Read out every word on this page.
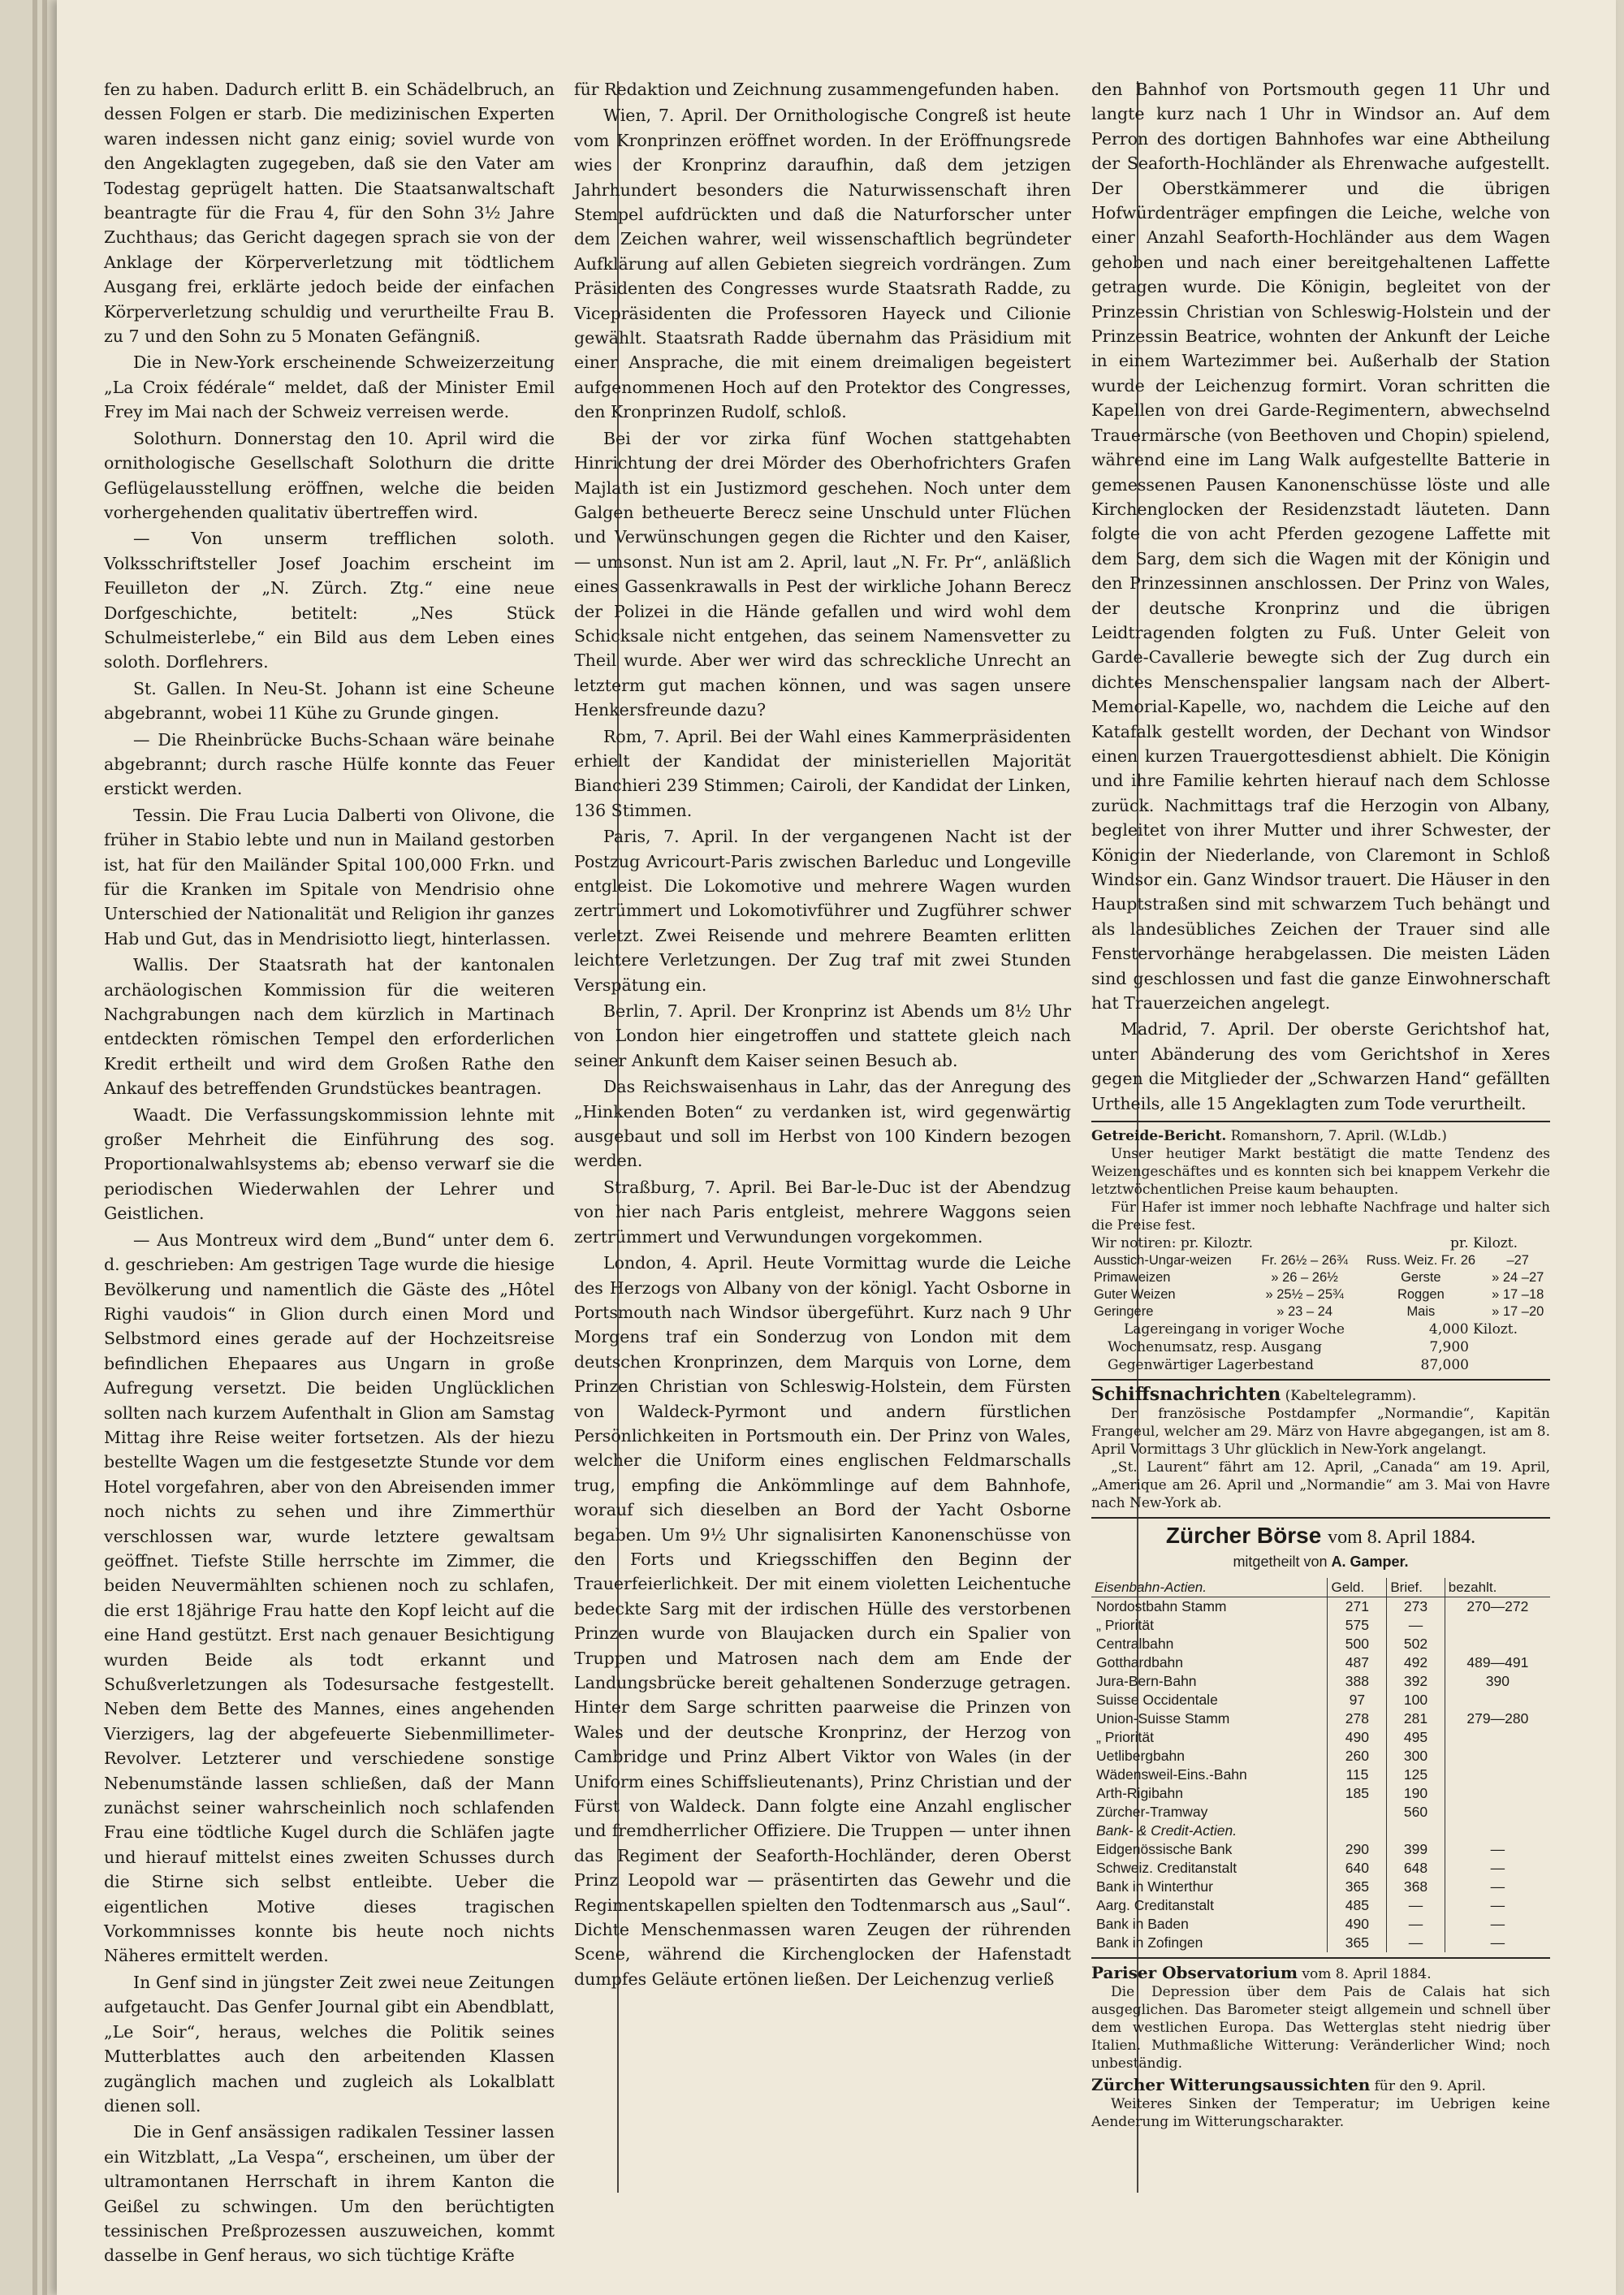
fen zu haben. Dadurch erlitt B. ein Schädelbruch, an dessen Folgen er starb. Die medizinischen Experten waren indessen nicht ganz einig; soviel wurde von den Angeklagten zugegeben, daß sie den Vater am Todestag geprügelt hatten. Die Staatsanwaltschaft beantragte für die Frau 4, für den Sohn 3½ Jahre Zuchthaus; das Gericht dagegen sprach sie von der Anklage der Körperverletzung mit tödtlichem Ausgang frei, erklärte jedoch beide der einfachen Körperverletzung schuldig und verurtheilte Frau B. zu 7 und den Sohn zu 5 Monaten Gefängniß.

Die in New-York erscheinende Schweizerzeitung „La Croix fédérale“ meldet, daß der Minister Emil Frey im Mai nach der Schweiz verreisen werde.

Solothurn. Donnerstag den 10. April wird die ornithologische Gesellschaft Solothurn die dritte Geflügelausstellung eröffnen, welche die beiden vorhergehenden qualitativ übertreffen wird.

— Von unserm trefflichen soloth. Volksschriftsteller Josef Joachim erscheint im Feuilleton der „N. Zürch. Ztg.“ eine neue Dorfgeschichte, betitelt: „Nes Stück Schulmeisterlebe,“ ein Bild aus dem Leben eines soloth. Dorflehrers.

St. Gallen. In Neu-St. Johann ist eine Scheune abgebrannt, wobei 11 Kühe zu Grunde gingen.

— Die Rheinbrücke Buchs-Schaan wäre beinahe abgebrannt; durch rasche Hülfe konnte das Feuer erstickt werden.

Tessin. Die Frau Lucia Dalberti von Olivone, die früher in Stabio lebte und nun in Mailand gestorben ist, hat für den Mailänder Spital 100,000 Frkn. und für die Kranken im Spitale von Mendrisio ohne Unterschied der Nationalität und Religion ihr ganzes Hab und Gut, das in Mendrisiotto liegt, hinterlassen.

Wallis. Der Staatsrath hat der kantonalen archäologischen Kommission für die weiteren Nachgrabungen nach dem kürzlich in Martinach entdeckten römischen Tempel den erforderlichen Kredit ertheilt und wird dem Großen Rathe den Ankauf des betreffenden Grundstückes beantragen.

Waadt. Die Verfassungskommission lehnte mit großer Mehrheit die Einführung des sog. Proportionalwahlsystems ab; ebenso verwarf sie die periodischen Wiederwahlen der Lehrer und Geistlichen.

— Aus Montreux wird dem „Bund“ unter dem 6. d. geschrieben: Am gestrigen Tage wurde die hiesige Bevölkerung und namentlich die Gäste des „Hôtel Righi vaudois“ in Glion durch einen Mord und Selbstmord eines gerade auf der Hochzeitsreise befindlichen Ehepaares aus Ungarn in große Aufregung versetzt. Die beiden Unglücklichen sollten nach kurzem Aufenthalt in Glion am Samstag Mittag ihre Reise weiter fortsetzen. Als der hiezu bestellte Wagen um die festgesetzte Stunde vor dem Hotel vorgefahren, aber von den Abreisenden immer noch nichts zu sehen und ihre Zimmerthür verschlossen war, wurde letztere gewaltsam geöffnet. Tiefste Stille herrschte im Zimmer, die beiden Neuvermählten schienen noch zu schlafen, die erst 18jährige Frau hatte den Kopf leicht auf die eine Hand gestützt. Erst nach genauer Besichtigung wurden Beide als todt erkannt und Schußverletzungen als Todesursache festgestellt. Neben dem Bette des Mannes, eines angehenden Vierzigers, lag der abgefeuerte Siebenmillimeter-Revolver. Letzterer und verschiedene sonstige Nebenumstände lassen schließen, daß der Mann zunächst seiner wahrscheinlich noch schlafenden Frau eine tödtliche Kugel durch die Schläfen jagte und hierauf mittelst eines zweiten Schusses durch die Stirne sich selbst entleibte. Ueber die eigentlichen Motive dieses tragischen Vorkommnisses konnte bis heute noch nichts Näheres ermittelt werden.

In Genf sind in jüngster Zeit zwei neue Zeitungen aufgetaucht. Das Genfer Journal gibt ein Abendblatt, „Le Soir“, heraus, welches die Politik seines Mutterblattes auch den arbeitenden Klassen zugänglich machen und zugleich als Lokalblatt dienen soll.

Die in Genf ansässigen radikalen Tessiner lassen ein Witzblatt, „La Vespa“, erscheinen, um über der ultramontanen Herrschaft in ihrem Kanton die Geißel zu schwingen. Um den berüchtigten tessinischen Preßprozessen auszuweichen, kommt dasselbe in Genf heraus, wo sich tüchtige Kräfte

für Redaktion und Zeichnung zusammengefunden haben.

Wien, 7. April. Der Ornithologische Congreß ist heute vom Kronprinzen eröffnet worden. In der Eröffnungsrede wies der Kronprinz daraufhin, daß dem jetzigen Jahrhundert besonders die Naturwissenschaft ihren Stempel aufdrückten und daß die Naturforscher unter dem Zeichen wahrer, weil wissenschaftlich begründeter Aufklärung auf allen Gebieten siegreich vordrängen. Zum Präsidenten des Congresses wurde Staatsrath Radde, zu Vicepräsidenten die Professoren Hayeck und Cilionie gewählt. Staatsrath Radde übernahm das Präsidium mit einer Ansprache, die mit einem dreimaligen begeistert aufgenommenen Hoch auf den Protektor des Congresses, den Kronprinzen Rudolf, schloß.

Bei der vor zirka fünf Wochen stattgehabten Hinrichtung der drei Mörder des Oberhofrichters Grafen Majlath ist ein Justizmord geschehen. Noch unter dem Galgen betheuerte Berecz seine Unschuld unter Flüchen und Verwünschungen gegen die Richter und den Kaiser, — umsonst. Nun ist am 2. April, laut „N. Fr. Pr“, anläßlich eines Gassenkrawalls in Pest der wirkliche Johann Berecz der Polizei in die Hände gefallen und wird wohl dem Schicksale nicht entgehen, das seinem Namensvetter zu Theil wurde. Aber wer wird das schreckliche Unrecht an letzterm gut machen können, und was sagen unsere Henkersfreunde dazu?

Rom, 7. April. Bei der Wahl eines Kammerpräsidenten erhielt der Kandidat der ministeriellen Majorität Bianchieri 239 Stimmen; Cairoli, der Kandidat der Linken, 136 Stimmen.

Paris, 7. April. In der vergangenen Nacht ist der Postzug Avricourt-Paris zwischen Barleduc und Longeville entgleist. Die Lokomotive und mehrere Wagen wurden zertrümmert und Lokomotivführer und Zugführer schwer verletzt. Zwei Reisende und mehrere Beamten erlitten leichtere Verletzungen. Der Zug traf mit zwei Stunden Verspätung ein.

Berlin, 7. April. Der Kronprinz ist Abends um 8½ Uhr von London hier eingetroffen und stattete gleich nach seiner Ankunft dem Kaiser seinen Besuch ab.

Das Reichswaisenhaus in Lahr, das der Anregung des „Hinkenden Boten“ zu verdanken ist, wird gegenwärtig ausgebaut und soll im Herbst von 100 Kindern bezogen werden.

Straßburg, 7. April. Bei Bar-le-Duc ist der Abendzug von hier nach Paris entgleist, mehrere Waggons seien zertrümmert und Verwundungen vorgekommen.

London, 4. April. Heute Vormittag wurde die Leiche des Herzogs von Albany von der königl. Yacht Osborne in Portsmouth nach Windsor übergeführt. Kurz nach 9 Uhr Morgens traf ein Sonderzug von London mit dem deutschen Kronprinzen, dem Marquis von Lorne, dem Prinzen Christian von Schleswig-Holstein, dem Fürsten von Waldeck-Pyrmont und andern fürstlichen Persönlichkeiten in Portsmouth ein. Der Prinz von Wales, welcher die Uniform eines englischen Feldmarschalls trug, empfing die Ankömmlinge auf dem Bahnhofe, worauf sich dieselben an Bord der Yacht Osborne begaben. Um 9½ Uhr signalisirten Kanonenschüsse von den Forts und Kriegsschiffen den Beginn der Trauerfeierlichkeit. Der mit einem violetten Leichentuche bedeckte Sarg mit der irdischen Hülle des verstorbenen Prinzen wurde von Blaujacken durch ein Spalier von Truppen und Matrosen nach dem am Ende der Landungsbrücke bereit gehaltenen Sonderzuge getragen. Hinter dem Sarge schritten paarweise die Prinzen von Wales und der deutsche Kronprinz, der Herzog von Cambridge und Prinz Albert Viktor von Wales (in der Uniform eines Schiffslieutenants), Prinz Christian und der Fürst von Waldeck. Dann folgte eine Anzahl englischer und fremdherrlicher Offiziere. Die Truppen — unter ihnen das Regiment der Seaforth-Hochländer, deren Oberst Prinz Leopold war — präsentirten das Gewehr und die Regimentskapellen spielten den Todtenmarsch aus „Saul“. Dichte Menschenmassen waren Zeugen der rührenden Scene, während die Kirchenglocken der Hafenstadt dumpfes Geläute ertönen ließen. Der Leichenzug verließ

den Bahnhof von Portsmouth gegen 11 Uhr und langte kurz nach 1 Uhr in Windsor an. Auf dem Perron des dortigen Bahnhofes war eine Abtheilung der Seaforth-Hochländer als Ehrenwache aufgestellt. Der Oberstkämmerer und die übrigen Hofwürdenträger empfingen die Leiche, welche von einer Anzahl Seaforth-Hochländer aus dem Wagen gehoben und nach einer bereitgehaltenen Laffette getragen wurde. Die Königin, begleitet von der Prinzessin Christian von Schleswig-Holstein und der Prinzessin Beatrice, wohnten der Ankunft der Leiche in einem Wartezimmer bei. Außerhalb der Station wurde der Leichenzug formirt. Voran schritten die Kapellen von drei Garde-Regimentern, abwechselnd Trauermärsche (von Beethoven und Chopin) spielend, während eine im Lang Walk aufgestellte Batterie in gemessenen Pausen Kanonenschüsse löste und alle Kirchenglocken der Residenzstadt läuteten. Dann folgte die von acht Pferden gezogene Laffette mit dem Sarg, dem sich die Wagen mit der Königin und den Prinzessinnen anschlossen. Der Prinz von Wales, der deutsche Kronprinz und die übrigen Leidtragenden folgten zu Fuß. Unter Geleit von Garde-Cavallerie bewegte sich der Zug durch ein dichtes Menschenspalier langsam nach der Albert-Memorial-Kapelle, wo, nachdem die Leiche auf den Katafalk gestellt worden, der Dechant von Windsor einen kurzen Trauergottesdienst abhielt. Die Königin und ihre Familie kehrten hierauf nach dem Schlosse zurück. Nachmittags traf die Herzogin von Albany, begleitet von ihrer Mutter und ihrer Schwester, der Königin der Niederlande, von Claremont in Schloß Windsor ein. Ganz Windsor trauert. Die Häuser in den Hauptstraßen sind mit schwarzem Tuch behängt und als landesübliches Zeichen der Trauer sind alle Fenstervorhänge herabgelassen. Die meisten Läden sind geschlossen und fast die ganze Einwohnerschaft hat Trauerzeichen angelegt.

Madrid, 7. April. Der oberste Gerichtshof hat, unter Abänderung des vom Gerichtshof in Xeres gegen die Mitglieder der „Schwarzen Hand“ gefällten Urtheils, alle 15 Angeklagten zum Tode verurtheilt.

Getreide-Bericht. Romanshorn, 7. April. (W.Ldb.)
Unser heutiger Markt bestätigt die matte Tendenz des Weizengeschäftes und es konnten sich bei knappem Verkehr die letztwöchentlichen Preise kaum behaupten.
Für Hafer ist immer noch lebhafte Nachfrage und halter sich die Preise fest.
Wir notiren: pr. Kiloztr.	pr. Kilozt.
Ausstich-Ungar-weizen	Fr. 26½ – 26¾	Russ. Weiz. Fr. 26	–27
Primaweizen	» 26 – 26½	Gerste	» 24 –27
Guter Weizen	» 25½ – 25¾	Roggen	» 17 –18
Geringere	» 23 – 24	Mais	» 17 –20
Lagereingang in voriger Woche	4,000 Kilozt.
Wochenumsatz, resp. Ausgang	7,900
Gegenwärtiger Lagerbestand	87,000
Schiffsnachrichten (Kabeltelegramm).
Der französische Postdampfer „Normandie“, Kapitän Frangeul, welcher am 29. März von Havre abgegangen, ist am 8. April Vormittags 3 Uhr glücklich in New-York angelangt.
„St. Laurent“ fährt am 12. April, „Canada“ am 19. April, „Amerique am 26. April und „Normandie“ am 3. Mai von Havre nach New-York ab.
Zürcher Börse vom 8. April 1884.
mitgetheilt von A. Gamper.
Eisenbahn-Actien.	Geld.	Brief.	bezahlt.
Nordostbahn Stamm	271	273	270—272
„ Priorität	575	—	
Centralbahn	500	502	
Gotthardbahn	487	492	489—491
Jura-Bern-Bahn	388	392	390
Suisse Occidentale	97	100	
Union-Suisse Stamm	278	281	279—280
„ Priorität	490	495	
Uetlibergbahn	260	300	
Wädensweil-Eins.-Bahn	115	125	
Arth-Rigibahn	185	190	
Zürcher-Tramway		560	
Bank- & Credit-Actien.			
Eidgenössische Bank	290	399	—
Schweiz. Creditanstalt	640	648	—
Bank in Winterthur	365	368	—
Aarg. Creditanstalt	485	—	—
Bank in Baden	490	—	—
Bank in Zofingen	365	—	—
Pariser Observatorium vom 8. April 1884.
Die Depression über dem Pais de Calais hat sich ausgeglichen. Das Barometer steigt allgemein und schnell über dem westlichen Europa. Das Wetterglas steht niedrig über Italien. Muthmaßliche Witterung: Veränderlicher Wind; noch unbeständig.
Zürcher Witterungsaussichten für den 9. April.
Weiteres Sinken der Temperatur; im Uebrigen keine Aenderung im Witterungscharakter.
